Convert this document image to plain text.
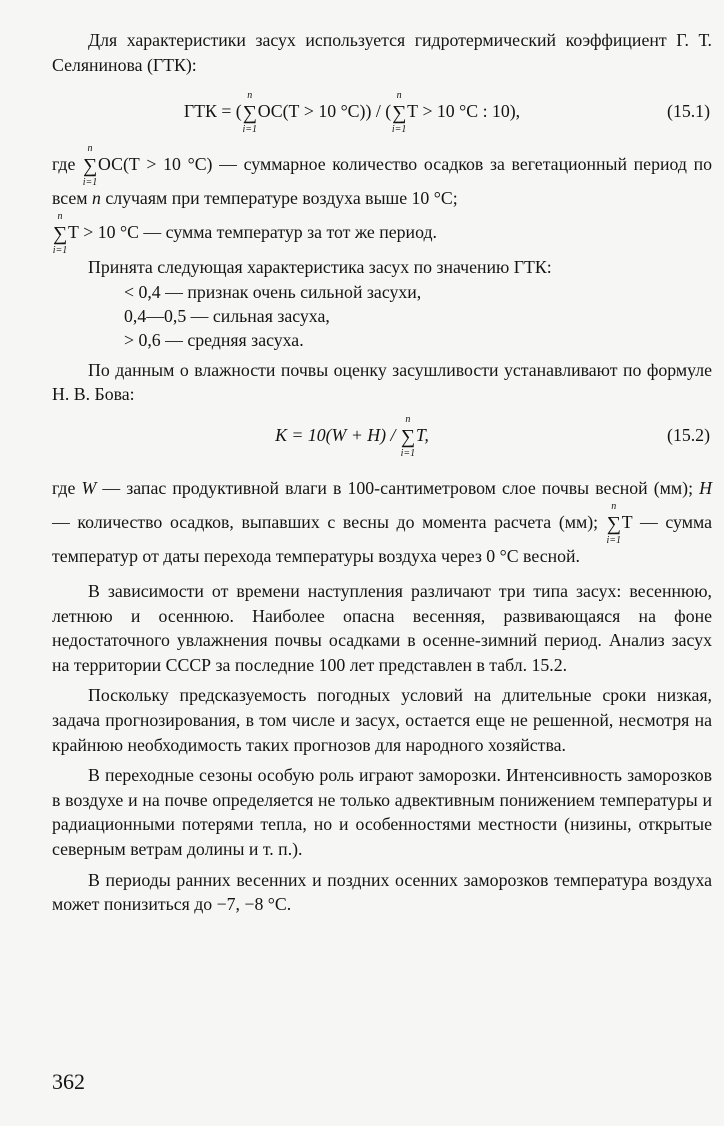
Для характеристики засух используется гидротермический коэффициент Г. Т. Селянинова (ГТК):

ГТК = (
n
∑
i=1
ОС(Т > 10 °С)) / (
n
∑
i=1
Т > 10 °С : 10),	(15.1)

где
n
∑
i=1
ОС(Т > 10 °С) — суммарное количество осадков за вегетационный период по всем n случаям при температуре воздуха выше 10 °С;

n
∑
i=1
Т > 10 °С — сумма температур за тот же период.

Принята следующая характеристика засух по значению ГТК:

< 0,4 — признак очень сильной засухи,
0,4—0,5 — сильная засуха,
> 0,6 — средняя засуха.

По данным о влажности почвы оценку засушливости устанавливают по формуле Н. В. Бова:

K = 10(W + H) /
n
∑
i=1
T,	(15.2)

где W — запас продуктивной влаги в 100-сантиметровом слое почвы весной (мм); H — количество осадков, выпавших с весны до момента расчета (мм);
n
∑
i=1
T — сумма температур от даты перехода температуры воздуха через 0 °С весной.

В зависимости от времени наступления различают три типа засух: весеннюю, летнюю и осеннюю. Наиболее опасна весенняя, развивающаяся на фоне недостаточного увлажнения почвы осадками в осенне-зимний период. Анализ засух на территории СССР за последние 100 лет представлен в табл. 15.2.

Поскольку предсказуемость погодных условий на длительные сроки низкая, задача прогнозирования, в том числе и засух, остается еще не решенной, несмотря на крайнюю необходимость таких прогнозов для народного хозяйства.

В переходные сезоны особую роль играют заморозки. Интенсивность заморозков в воздухе и на почве определяется не только адвективным понижением температуры и радиационными потерями тепла, но и особенностями местности (низины, открытые северным ветрам долины и т. п.).

В периоды ранних весенних и поздних осенних заморозков температура воздуха может понизиться до −7, −8 °С.

362
